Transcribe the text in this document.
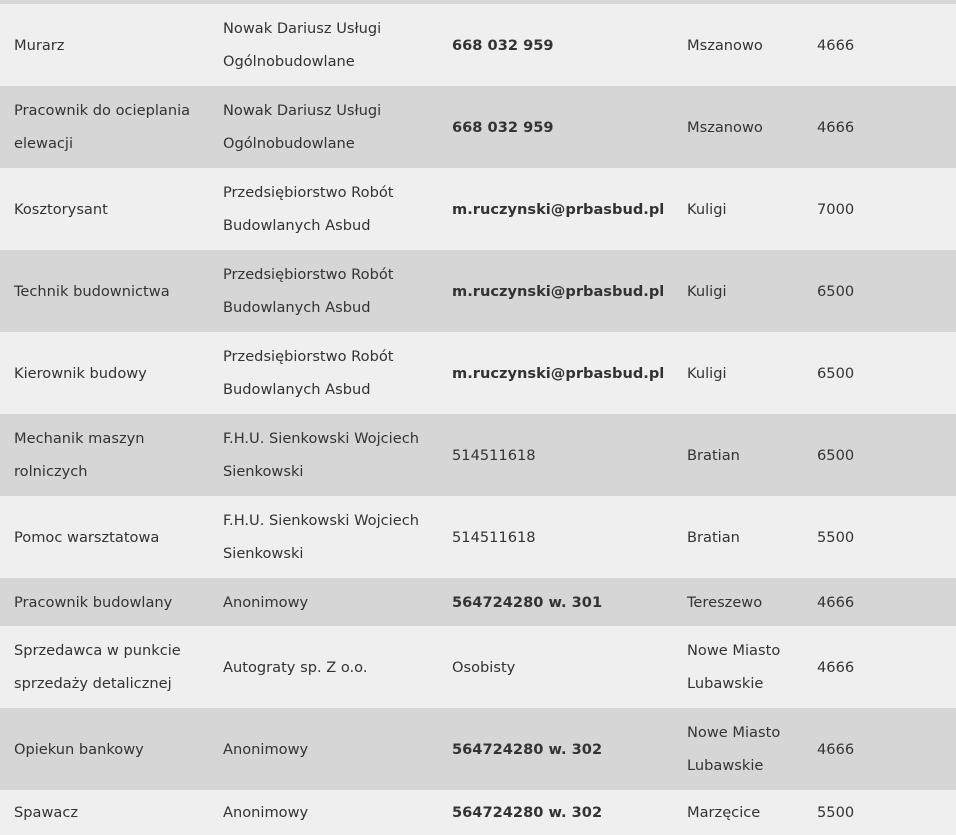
Murarz	Nowak Dariusz Usługi Ogólnobudowlane	668 032 959	Mszanowo	4666
Pracownik do ocieplania elewacji	Nowak Dariusz Usługi Ogólnobudowlane	668 032 959	Mszanowo	4666
Kosztorysant	Przedsiębiorstwo Robót Budowlanych Asbud	m.ruczynski@prbasbud.pl	Kuligi	7000
Technik budownictwa	Przedsiębiorstwo Robót Budowlanych Asbud	m.ruczynski@prbasbud.pl	Kuligi	6500
Kierownik budowy	Przedsiębiorstwo Robót Budowlanych Asbud	m.ruczynski@prbasbud.pl	Kuligi	6500
Mechanik maszyn rolniczych	F.H.U. Sienkowski Wojciech Sienkowski	514511618	Bratian	6500
Pomoc warsztatowa	F.H.U. Sienkowski Wojciech Sienkowski	514511618	Bratian	5500
Pracownik budowlany	Anonimowy	564724280 w. 301	Tereszewo	4666
Sprzedawca w punkcie sprzedaży detalicznej	Autograty sp. Z o.o.	Osobisty	Nowe Miasto Lubawskie	4666
Opiekun bankowy	Anonimowy	564724280 w. 302	Nowe Miasto Lubawskie	4666
Spawacz	Anonimowy	564724280 w. 302	Marzęcice	5500
